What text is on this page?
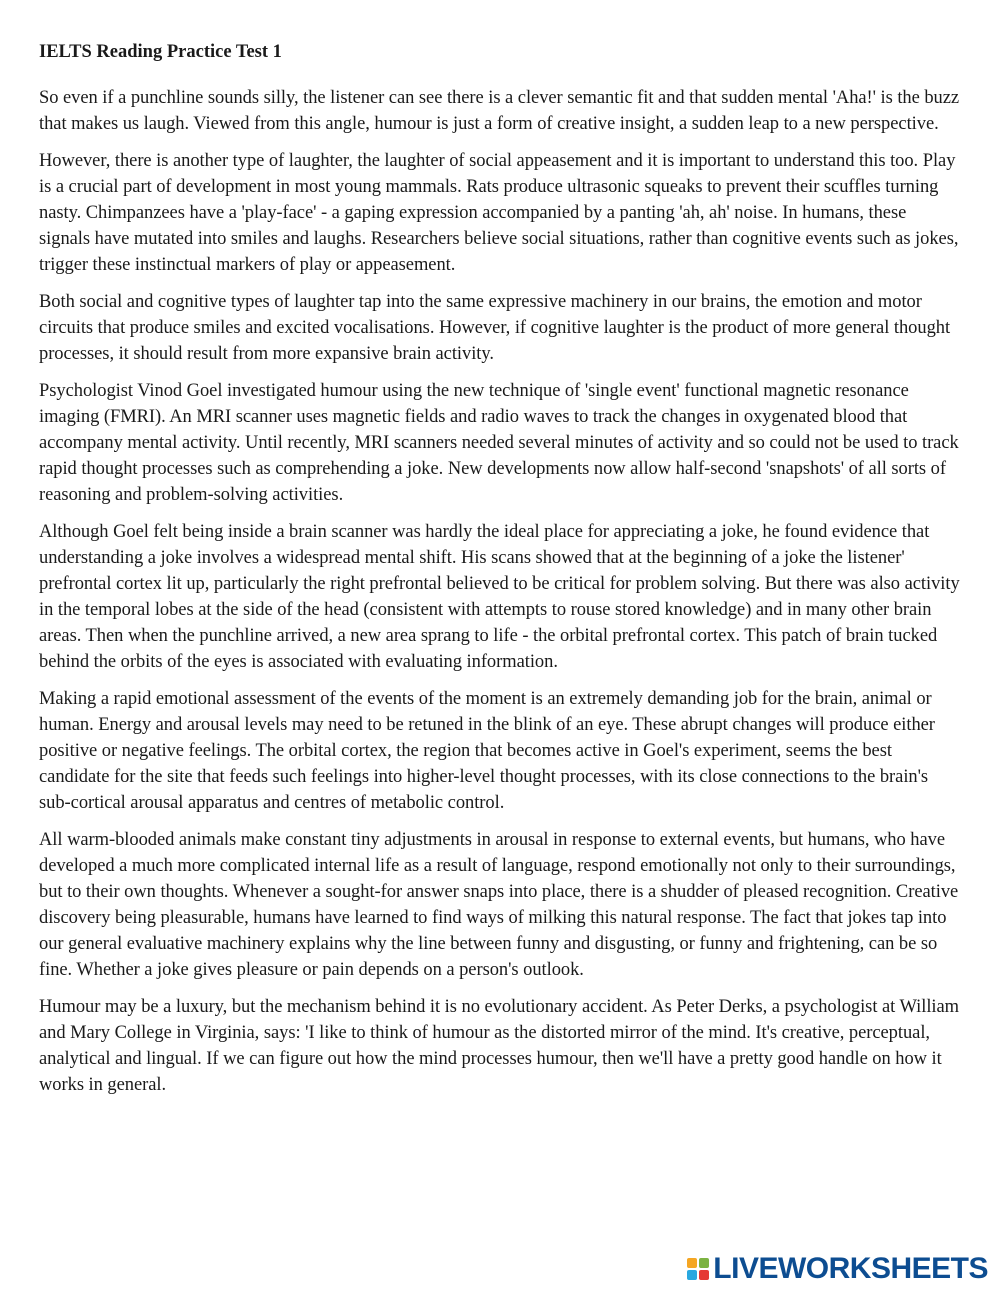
IELTS Reading Practice Test 1

So even if a punchline sounds silly, the listener can see there is a clever semantic fit and that sudden mental 'Aha!' is the buzz that makes us laugh. Viewed from this angle, humour is just a form of creative insight, a sudden leap to a new perspective.

However, there is another type of laughter, the laughter of social appeasement and it is important to understand this too. Play is a crucial part of development in most young mammals. Rats produce ultrasonic squeaks to prevent their scuffles turning nasty. Chimpanzees have a 'play-face' - a gaping expression accompanied by a panting 'ah, ah' noise. In humans, these signals have mutated into smiles and laughs. Researchers believe social situations, rather than cognitive events such as jokes, trigger these instinctual markers of play or appeasement.

Both social and cognitive types of laughter tap into the same expressive machinery in our brains, the emotion and motor circuits that produce smiles and excited vocalisations. However, if cognitive laughter is the product of more general thought processes, it should result from more expansive brain activity.

Psychologist Vinod Goel investigated humour using the new technique of 'single event' functional magnetic resonance imaging (FMRI). An MRI scanner uses magnetic fields and radio waves to track the changes in oxygenated blood that accompany mental activity. Until recently, MRI scanners needed several minutes of activity and so could not be used to track rapid thought processes such as comprehending a joke. New developments now allow half-second 'snapshots' of all sorts of reasoning and problem-solving activities.

Although Goel felt being inside a brain scanner was hardly the ideal place for appreciating a joke, he found evidence that understanding a joke involves a widespread mental shift. His scans showed that at the beginning of a joke the listener' prefrontal cortex lit up, particularly the right prefrontal believed to be critical for problem solving. But there was also activity in the temporal lobes at the side of the head (consistent with attempts to rouse stored knowledge) and in many other brain areas. Then when the punchline arrived, a new area sprang to life - the orbital prefrontal cortex. This patch of brain tucked behind the orbits of the eyes is associated with evaluating information.

Making a rapid emotional assessment of the events of the moment is an extremely demanding job for the brain, animal or human. Energy and arousal levels may need to be retuned in the blink of an eye. These abrupt changes will produce either positive or negative feelings. The orbital cortex, the region that becomes active in Goel's experiment, seems the best candidate for the site that feeds such feelings into higher-level thought processes, with its close connections to the brain's sub-cortical arousal apparatus and centres of metabolic control.

All warm-blooded animals make constant tiny adjustments in arousal in response to external events, but humans, who have developed a much more complicated internal life as a result of language, respond emotionally not only to their surroundings, but to their own thoughts. Whenever a sought-for answer snaps into place, there is a shudder of pleased recognition. Creative discovery being pleasurable, humans have learned to find ways of milking this natural response. The fact that jokes tap into our general evaluative machinery explains why the line between funny and disgusting, or funny and frightening, can be so fine. Whether a joke gives pleasure or pain depends on a person's outlook.

Humour may be a luxury, but the mechanism behind it is no evolutionary accident. As Peter Derks, a psychologist at William and Mary College in Virginia, says: 'I like to think of humour as the distorted mirror of the mind. It's creative, perceptual, analytical and lingual. If we can figure out how the mind processes humour, then we'll have a pretty good handle on how it works in general.

LIVEWORKSHEETS
